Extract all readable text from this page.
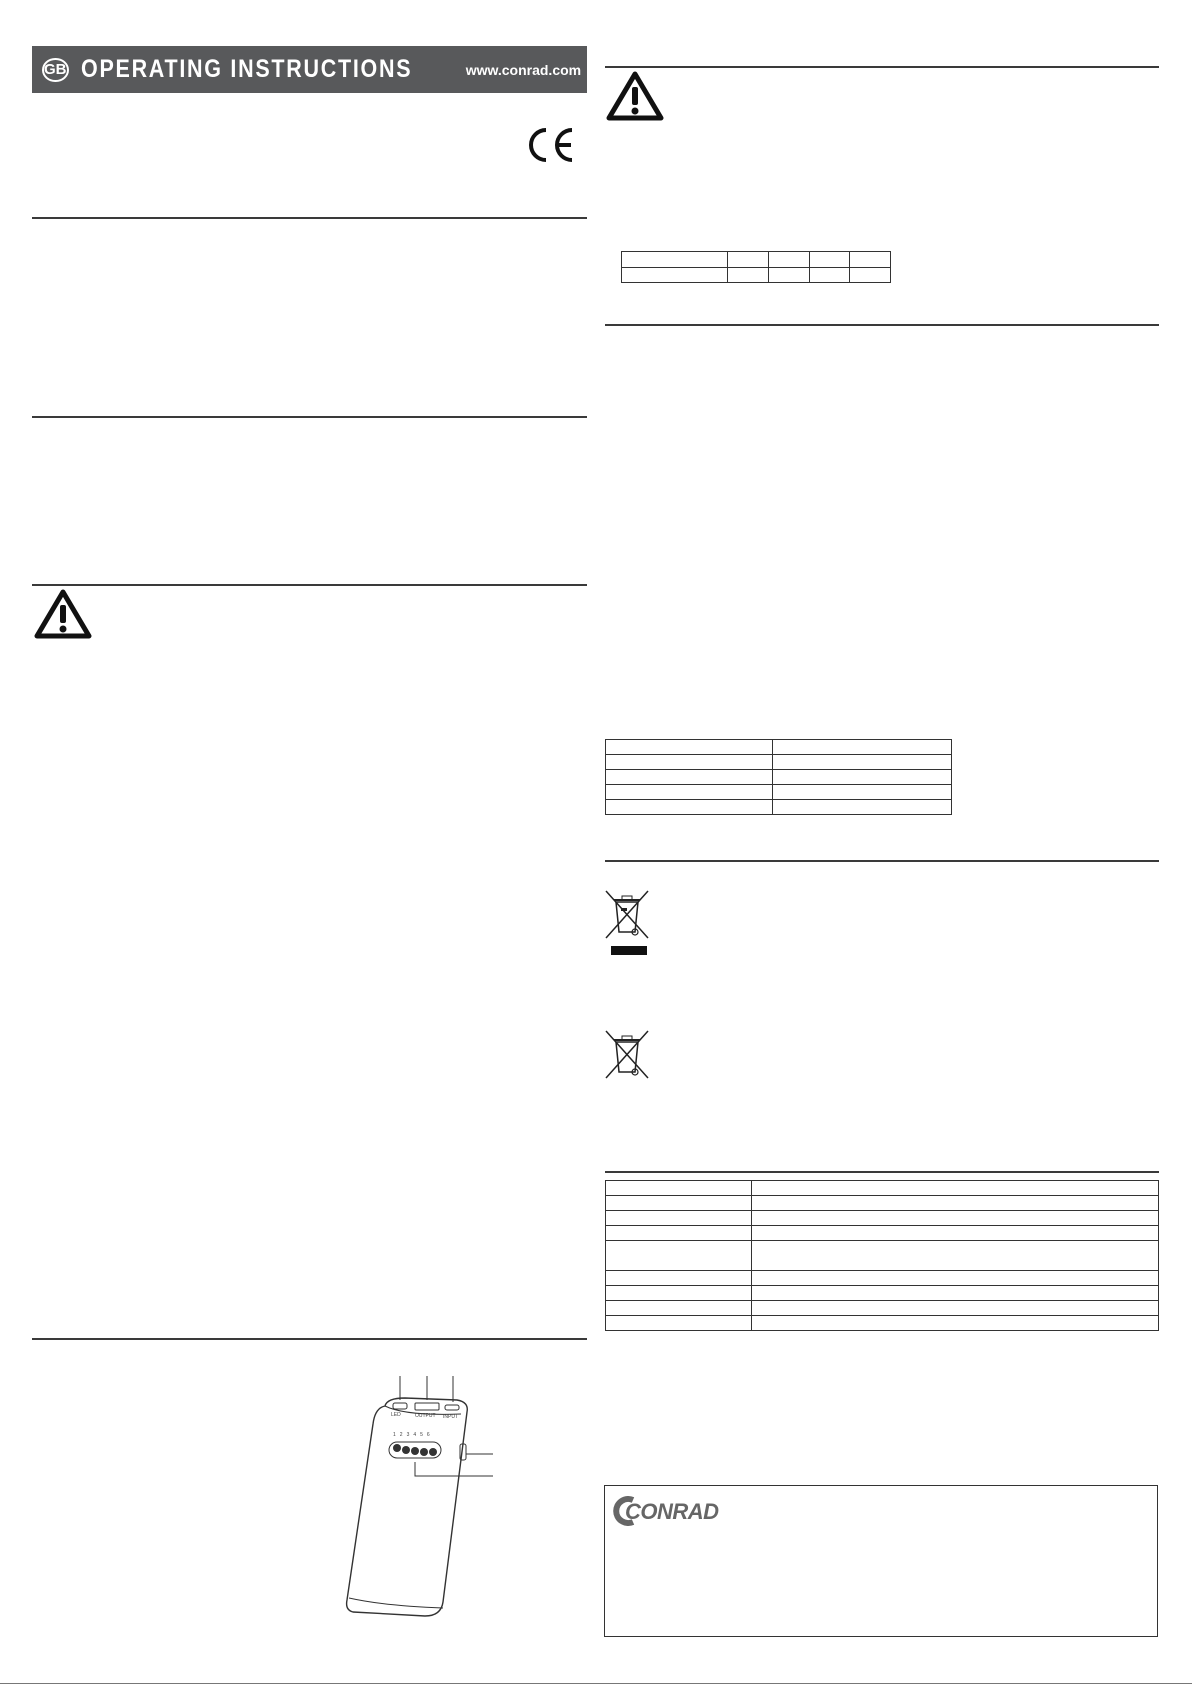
GB OPERATING INSTRUCTIONS	www.conrad.com
LED	OUTPUT INPUT
123456

CONRAD
